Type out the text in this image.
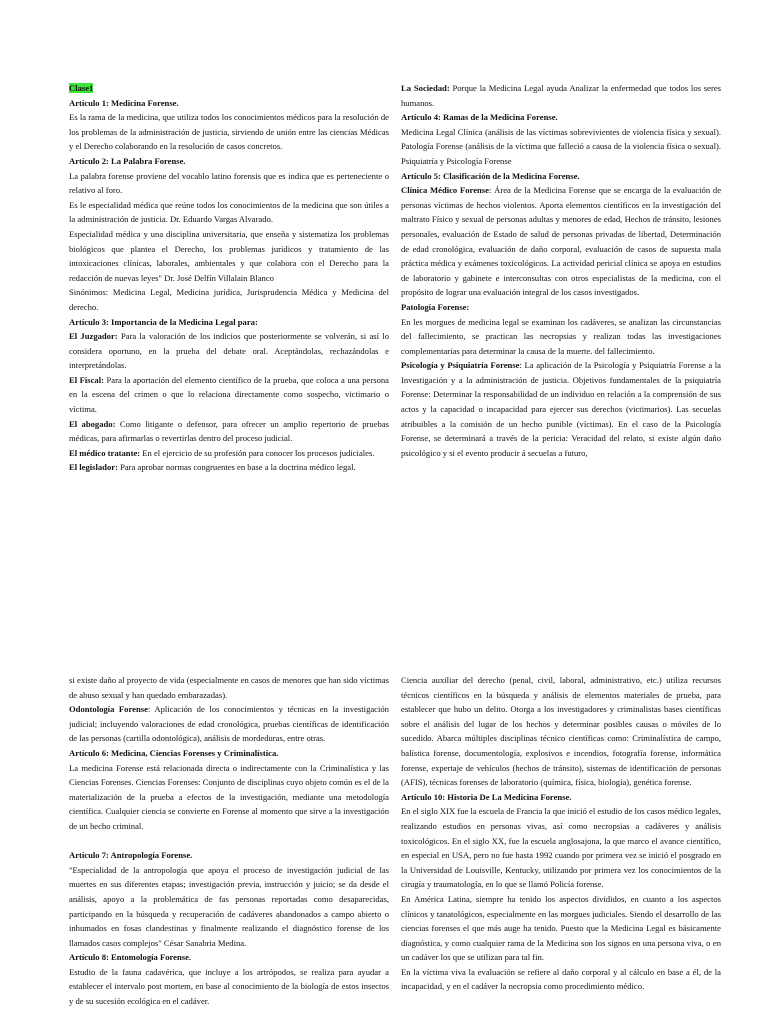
Clase1

Artículo 1: Medicina Forense.

Es la rama de la medicina, que utiliza todos los conocimientos médicos para la resolución de los problemas de la administración de justicia, sirviendo de unión entre las ciencias Médicas y el Derecho colaborando en la resolución de casos concretos.

Artículo 2: La Palabra Forense.

La palabra forense proviene del vocablo latino forensis que es indica que es perteneciente o relativo al foro.

Es le especialidad médica que reúne todos los conocimientos de la medicina que son útiles a la administración de justicia. Dr. Eduardo Vargas Alvarado.

Especialidad médica y una disciplina universitaria, que enseña y sistematiza los problemas biológicos que plantea el Derecho, los problemas jurídicos y tratamiento de las intoxicaciones clínicas, laborales, ambientales y que colabora con el Derecho para la redacción de nuevas leyes" Dr. José Delfín Villalain Blanco

Sinónimos: Medicina Legal, Medicina jurídica, Jurisprudencia Médica y Medicina del derecho.

Artículo 3: Importancia de la Medicina Legal para:

El Juzgador: Para la valoración de los indicios que posteriormente se volverán, si así lo considera oportuno, en la prueba del debate oral. Aceptándolas, rechazándolas e interpretándolas.

El Fiscal: Para la aportación del elemento científico de la prueba, que coloca a una persona en la escena del crimen o que lo relaciona directamente como sospecho, victimario o víctima.

El abogado: Como litigante o defensor, para ofrecer un amplio repertorio de pruebas médicas, para afirmarlas o revertirlas dentro del proceso judicial.

El médico tratante: En el ejercicio de su profesión para conocer los procesos judiciales.

El legislador: Para aprobar normas congruentes en base a la doctrina médico legal.

La Sociedad: Porque la Medicina Legal ayuda Analizar la enfermedad que todos los seres humanos.

Artículo 4: Ramas de la Medicina Forense.

Medicina Legal Clínica (análisis de las víctimas sobrevivientes de violencia física y sexual). Patología Forense (análisis de la víctima que falleció a causa de la violencia física o sexual). Psiquiatría y Psicología Forense

Artículo 5: Clasificación de la Medicina Forense.

Clínica Médico Forense: Área de la Medicina Forense que se encarga de la evaluación de personas víctimas de hechos violentos. Aporta elementos científicos en la investigación del maltrato Físico y sexual de personas adultas y menores de edad, Hechos de tránsito, lesiones personales, evaluación de Estado de salud de personas privadas de libertad, Determinación de edad cronológica, evaluación de daño corporal, evaluación de casos de supuesta mala práctica médica y exámenes toxicológicos. La actividad pericial clínica se apoya en estudios de laboratorio y gabinete e interconsultas con otros especialistas de la medicina, con el propósito de lograr una evaluación integral de los casos investigados.

Patología Forense:

En les morgues de medicina legal se examinan los cadáveres, se analizan las circunstancias del fallecimiento, se practican las necropsias y realizan todas las investigaciones complementarias para determinar la causa de la muerte. del fallecimiento.

Psicología y Psiquiatría Forense: La aplicación de la Psicología y Psiquiatría Forense a la Investigación y a la administración de justicia. Objetivos fundamentales de la psiquiatría Forense: Determinar la responsabilidad de un individuo en relación a la comprensión de sus actos y la capacidad o incapacidad para ejercer sus derechos (victimarios). Las secuelas atribuibles a la comisión de un hecho punible (víctimas). En el caso de la Psicología Forense, se determinará a través de la pericia: Veracidad del relato, si existe algún daño psicológico y si el evento producir á secuelas a futuro,

si existe daño al proyecto de vida (especialmente en casos de menores que han sido víctimas de abuso sexual y han quedado embarazadas).

Odontología Forense: Aplicación de los conocimientos y técnicas en la investigación judicial; incluyendo valoraciones de edad cronológica, pruebas científicas de identificación de las personas (cartilla odontológica), análisis de mordeduras, entre otras.

Artículo 6: Medicina, Ciencias Forenses y Criminalística.

La medicina Forense está relacionada directa o indirectamente con la Criminalística y las Ciencias Forenses. Ciencias Forenses: Conjunto de disciplinas cuyo objeto común es el de la materialización de la prueba a efectos de la investigación, mediante una metodología científica. Cualquier ciencia se convierte en Forense al momento que sirve a la investigación de un hecho criminal.

Artículo 7: Antropología Forense.

"Especialidad de la antropología que apoya el proceso de investigación judicial de las muertes en sus diferentes etapas; investigación previa, instrucción y juicio; se da desde el análisis, apoyo a la problemática de fas personas reportadas como desaparecidas, participando en la búsqueda y recuperación de cadáveres abandonados a campo abierto o inhumados en fosas clandestinas y finalmente realizando el diagnóstico forense de los llamados casos complejos" César Sanabria Medina.

Artículo 8: Entomología Forense.

Estudio de la fauna cadavérica, que incluye a los artrópodos, se realiza para ayudar a establecer el intervalo post mortem, en base al conocimiento de la biología de estos insectos y de su sucesión ecológica en el cadáver.

Ciencia auxiliar del derecho (penal, civil, laboral, administrativo, etc.) utiliza recursos técnicos científicos en la búsqueda y análisis de elementos materiales de prueba, para establecer que hubo un delito. Otorga a los investigadores y criminalistas bases científicas sobre el análisis del lugar de los hechos y determinar posibles causas o móviles de lo sucedido. Abarca múltiples disciplinas técnico científicas como: Criminalística de campo, balística forense, documentología, explosivos e incendios, fotografía forense, informática forense, expertaje de vehículos (hechos de tránsito), sistemas de identificación de personas (AFIS), técnicas forenses de laboratorio (química, física, biología), genética forense.

Artículo 10: Historia De La Medicina Forense.

En el siglo XIX fue la escuela de Francia la que inició el estudio de los casos médico legales, realizando estudios en personas vivas, así como necropsias a cadáveres y análisis toxicológicos. En el siglo XX, fue la escuela anglosajona, la que marco el avance científico, en especial en USA, pero no fue hasta 1992 cuando por primera vez se inició el posgrado en la Universidad de Louisville, Kentucky, utilizando por primera vez los conocimientos de la cirugía y traumatología, en lo que se llamó Policía forense.

En América Latina, siempre ha tenido los aspectos divididos, en cuanto a los aspectos clínicos y tanatológicos, especialmente en las morgues judiciales. Siendo el desarrollo de las ciencias forenses el que más auge ha tenido. Puesto que la Medicina Legal es básicamente diagnóstica, y como cualquier rama de la Medicina son los signos en una persona viva, o en un cadáver los que se utilizan para tal fin.

En la víctima viva la evaluación se refiere al daño corporal y al cálculo en base a él, de la incapacidad, y en el cadáver la necropsia como procedimiento médico.
